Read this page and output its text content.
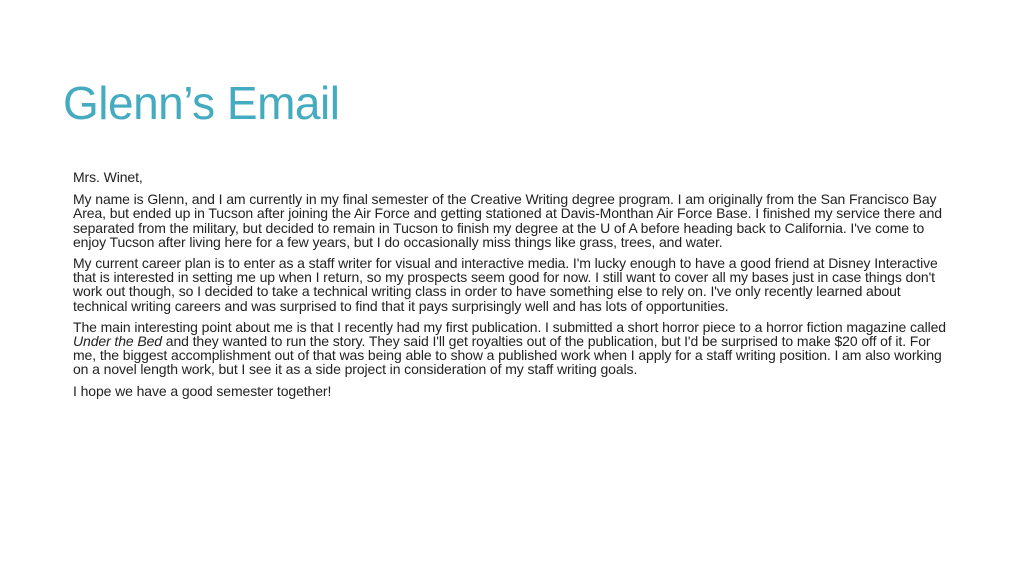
Glenn’s Email

Mrs. Winet,

My name is Glenn, and I am currently in my final semester of the Creative Writing degree program. I am originally from the San Francisco Bay Area, but ended up in Tucson after joining the Air Force and getting stationed at Davis-Monthan Air Force Base. I finished my service there and separated from the military, but decided to remain in Tucson to finish my degree at the U of A before heading back to California. I've come to enjoy Tucson after living here for a few years, but I do occasionally miss things like grass, trees, and water.

My current career plan is to enter as a staff writer for visual and interactive media. I'm lucky enough to have a good friend at Disney Interactive that is interested in setting me up when I return, so my prospects seem good for now. I still want to cover all my bases just in case things don't work out though, so I decided to take a technical writing class in order to have something else to rely on. I've only recently learned about technical writing careers and was surprised to find that it pays surprisingly well and has lots of opportunities.

The main interesting point about me is that I recently had my first publication. I submitted a short horror piece to a horror fiction magazine called Under the Bed and they wanted to run the story. They said I'll get royalties out of the publication, but I'd be surprised to make $20 off of it. For me, the biggest accomplishment out of that was being able to show a published work when I apply for a staff writing position. I am also working on a novel length work, but I see it as a side project in consideration of my staff writing goals.

I hope we have a good semester together!
